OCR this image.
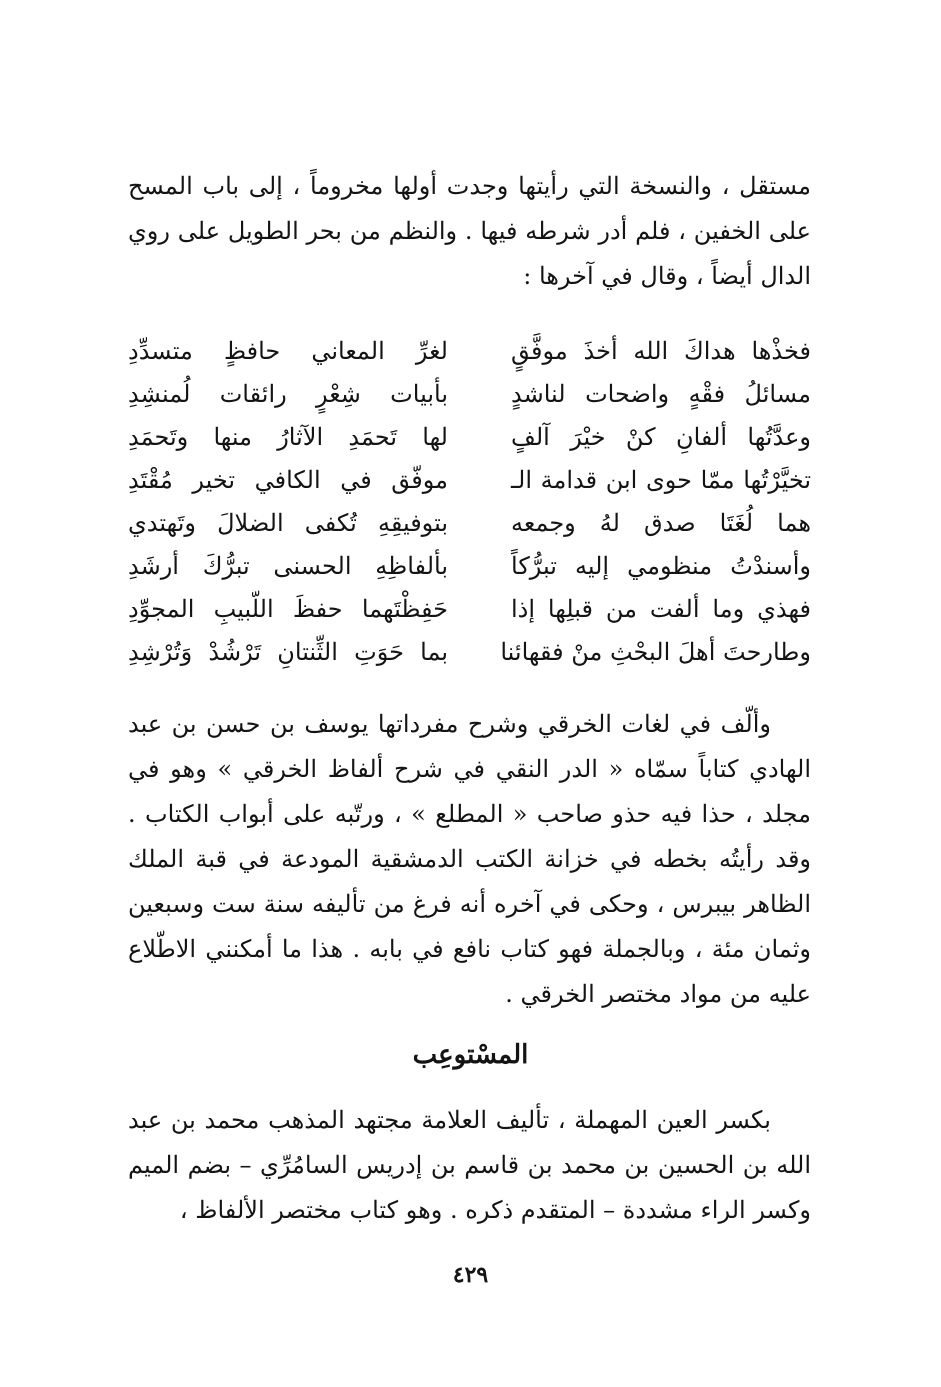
مستقل ، والنسخة التي رأيتها وجدت أولها مخروماً ، إلى باب المسح على الخفين ، فلم أدر شرطه فيها . والنظم من بحر الطويل على روي الدال أيضاً ، وقال في آخرها :

فخذْها هداكَ الله أخذَ موفَّقٍ
لغرِّ المعاني حافظٍ متسدِّدِ
مسائلُ فقْهٍ واضحات لناشدٍ
بأبيات شِعْرٍ رائقات لُمنشِدِ
وعدَّتُها ألفانِ كنْ خيْرَ آلفٍ
لها تَحمَدِ الآثارُ منها وتَحمَدِ
تخيَّرْتُها ممّا حوى ابن قدامة الـ
موفّق في الكافي تخير مُقْتَدِ
هما لُغَتَا صدق لهُ وجمعه
بتوفيقِهِ تُكفى الضلالَ وتَهتدي
وأسندْتُ منظومي إليه تبرُّكاً
بألفاظِهِ الحسنى تبرُّكَ أرشَدِ
فهذي وما ألفت من قبلِها إذا
حَفِظْتَهما حفظَ اللّبيبِ المجوِّدِ
وطارحتَ أهلَ البحْثِ منْ فقهائنا
بما حَوَتِ الثِّنتانِ تَرْشُدْ وَتُرْشِدِ

وألّف في لغات الخرقي وشرح مفرداتها يوسف بن حسن بن عبد الهادي كتاباً سمّاه « الدر النقي في شرح ألفاظ الخرقي » وهو في مجلد ، حذا فيه حذو صاحب « المطلع » ، ورتّبه على أبواب الكتاب . وقد رأيتُه بخطه في خزانة الكتب الدمشقية المودعة في قبة الملك الظاهر بيبرس ، وحكى في آخره أنه فرغ من تأليفه سنة ست وسبعين وثمان مئة ، وبالجملة فهو كتاب نافع في بابه . هذا ما أمكنني الاطّلاع عليه من مواد مختصر الخرقي .

المسْتوعِب

بكسر العين المهملة ، تأليف العلامة مجتهد المذهب محمد بن عبد الله بن الحسين بن محمد بن قاسم بن إدريس السامُرِّي – بضم الميم وكسر الراء مشددة – المتقدم ذكره . وهو كتاب مختصر الألفاظ ،

٤٢٩
